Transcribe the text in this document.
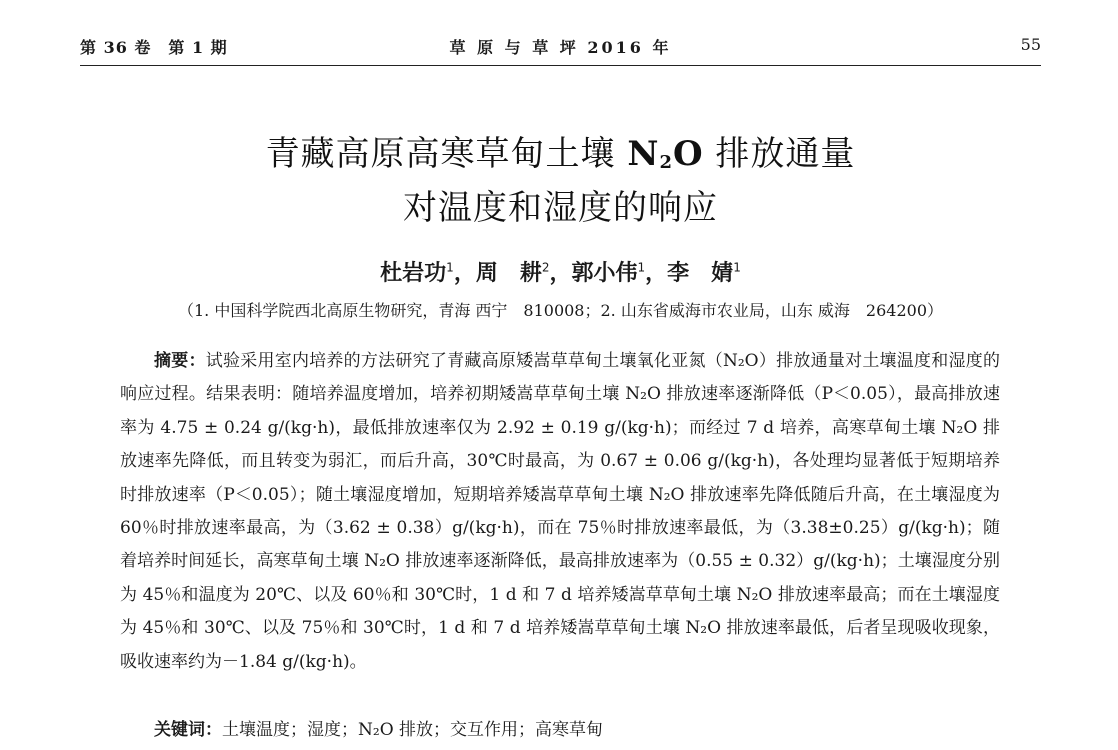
第 36 卷　第 1 期	草 原 与 草 坪 2016 年	55
青藏高原高寒草甸土壤 $N_2O$ 排放通量
对温度和湿度的响应
杜岩功$^1$，周　耕$^2$，郭小伟$^1$，李　婧$^1$
（1. 中国科学院西北高原生物研究，青海 西宁　810008；2. 山东省威海市农业局，山东 威海　264200）

摘要：试验采用室内培养的方法研究了青藏高原矮嵩草草甸土壤氧化亚氮（N₂O）排放通量对土壤温度和湿度的响应过程。结果表明：随培养温度增加，培养初期矮嵩草草甸土壤 N₂O 排放速率逐渐降低（P＜0.05），最高排放速率为 4.75 ± 0.24 g/(kg·h)，最低排放速率仅为 2.92 ± 0.19 g/(kg·h)；而经过 7 d 培养，高寒草甸土壤 N₂O 排放速率先降低，而且转变为弱汇，而后升高，30℃时最高，为 0.67 ± 0.06 g/(kg·h)，各处理均显著低于短期培养时排放速率（P＜0.05）；随土壤湿度增加，短期培养矮嵩草草甸土壤 N₂O 排放速率先降低随后升高，在土壤湿度为 60％时排放速率最高，为（3.62 ± 0.38）g/(kg·h)，而在 75％时排放速率最低，为（3.38±0.25）g/(kg·h)；随着培养时间延长，高寒草甸土壤 N₂O 排放速率逐渐降低，最高排放速率为（0.55 ± 0.32）g/(kg·h)；土壤湿度分别为 45％和温度为 20℃、以及 60％和 30℃时，1 d 和 7 d 培养矮嵩草草甸土壤 N₂O 排放速率最高；而在土壤湿度为 45％和 30℃、以及 75％和 30℃时，1 d 和 7 d 培养矮嵩草草甸土壤 N₂O 排放速率最低，后者呈现吸收现象，吸收速率约为－1.84 g/(kg·h)。

关键词：土壤温度；湿度；N₂O 排放；交互作用；高寒草甸
